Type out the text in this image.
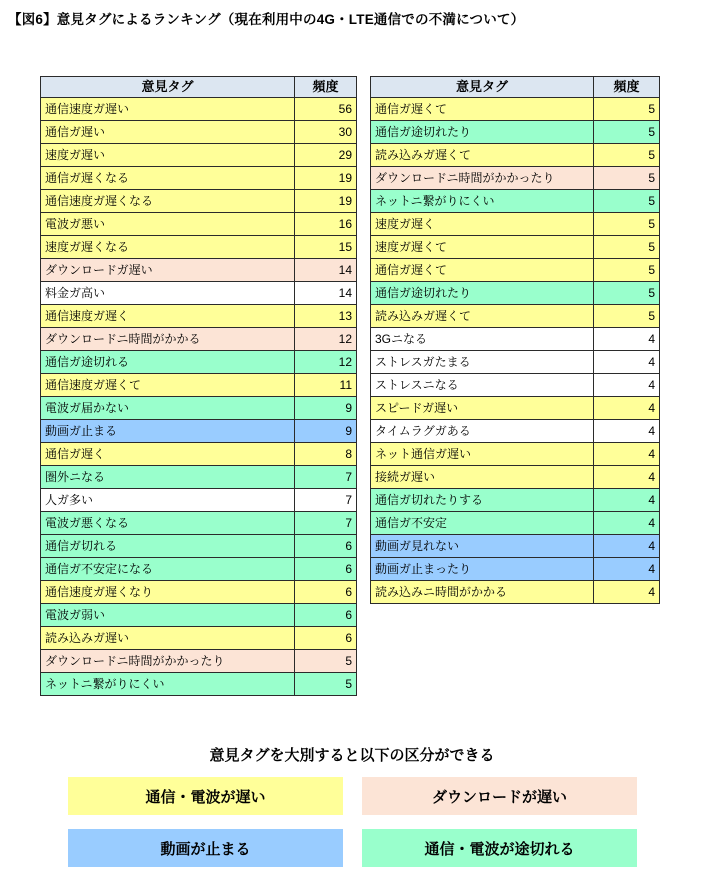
【図6】意見タグによるランキング（現在利用中の4G・LTE通信での不満について）
意見タグ	頻度
通信速度ガ遅い	56
通信ガ遅い	30
速度ガ遅い	29
通信ガ遅くなる	19
通信速度ガ遅くなる	19
電波ガ悪い	16
速度ガ遅くなる	15
ダウンロードガ遅い	14
料金ガ高い	14
通信速度ガ遅く	13
ダウンロードニ時間がかかる	12
通信ガ途切れる	12
通信速度ガ遅くて	11
電波ガ届かない	9
動画ガ止まる	9
通信ガ遅く	8
圏外ニなる	7
人ガ多い	7
電波ガ悪くなる	7
通信ガ切れる	6
通信ガ不安定になる	6
通信速度ガ遅くなり	6
電波ガ弱い	6
読み込みガ遅い	6
ダウンロードニ時間がかかったり	5
ネットニ繋がりにくい	5
意見タグ	頻度
通信ガ遅くて	5
通信ガ途切れたり	5
読み込みガ遅くて	5
ダウンロードニ時間がかかったり	5
ネットニ繋がりにくい	5
速度ガ遅く	5
速度ガ遅くて	5
通信ガ遅くて	5
通信ガ途切れたり	5
読み込みガ遅くて	5
3Gニなる	4
ストレスガたまる	4
ストレスニなる	4
スピードガ遅い	4
タイムラグガある	4
ネット通信ガ遅い	4
接続ガ遅い	4
通信ガ切れたりする	4
通信ガ不安定	4
動画ガ見れない	4
動画ガ止まったり	4
読み込みニ時間がかかる	4
意見タグを大別すると以下の区分ができる
通信・電波が遅い	ダウンロードが遅い
動画が止まる	通信・電波が途切れる
